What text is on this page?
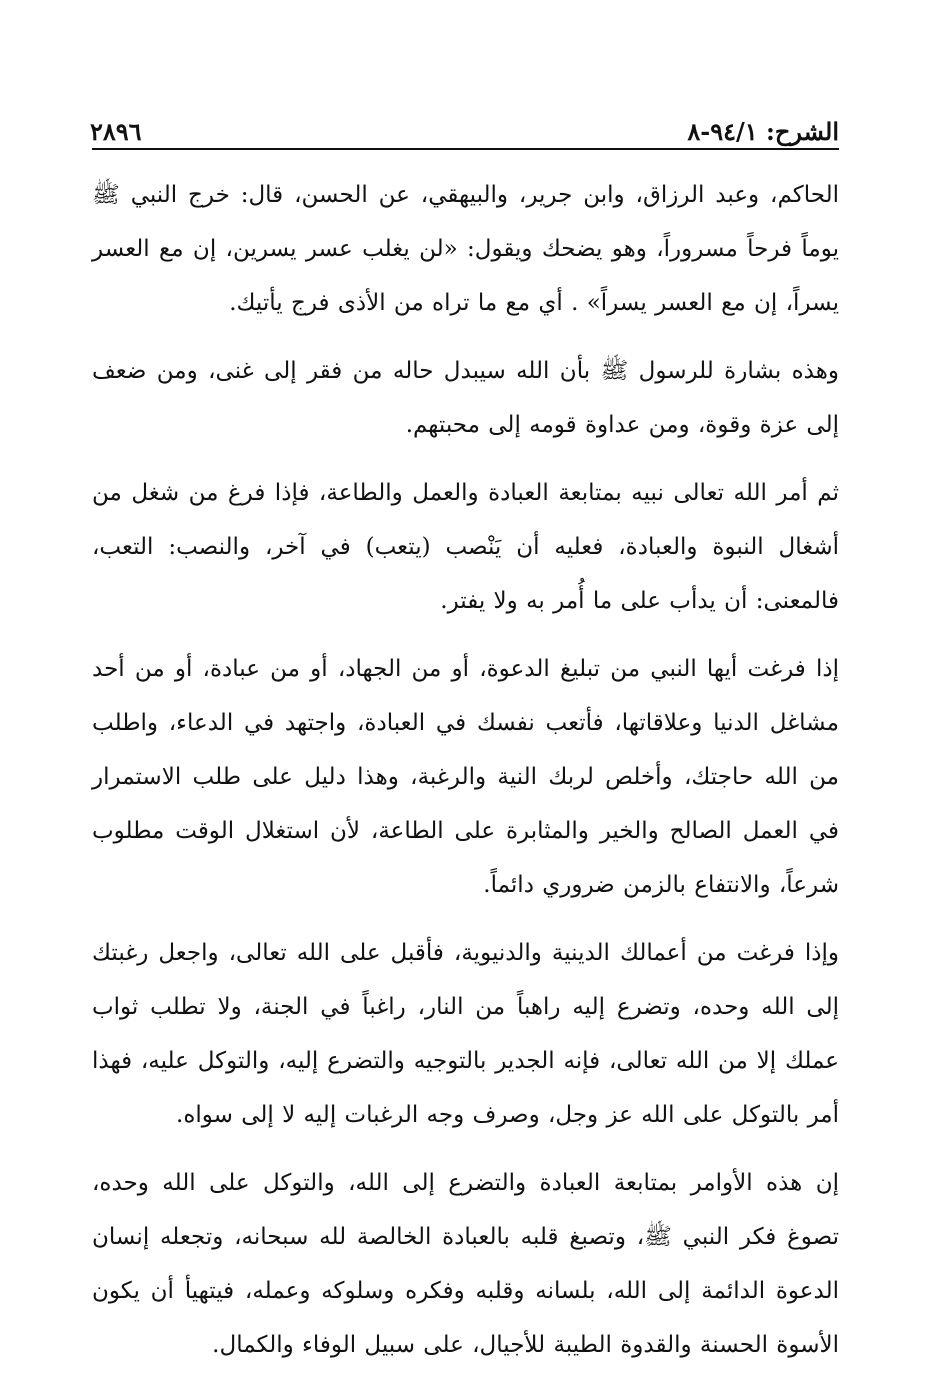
الشرح: ٩٤/١-٨
٢٨٩٦

الحاكم، وعبد الرزاق، وابن جرير، والبيهقي، عن الحسن، قال: خرج النبي ﷺ يوماً فرحاً مسروراً، وهو يضحك ويقول: «لن يغلب عسر يسرين، إن مع العسر يسراً، إن مع العسر يسراً» . أي مع ما تراه من الأذى فرج يأتيك.

وهذه بشارة للرسول ﷺ بأن الله سيبدل حاله من فقر إلى غنى، ومن ضعف إلى عزة وقوة، ومن عداوة قومه إلى محبتهم.

ثم أمر الله تعالى نبيه بمتابعة العبادة والعمل والطاعة، فإذا فرغ من شغل من أشغال النبوة والعبادة، فعليه أن يَنْصب (يتعب) في آخر، والنصب: التعب، فالمعنى: أن يدأب على ما أُمر به ولا يفتر.

إذا فرغت أيها النبي من تبليغ الدعوة، أو من الجهاد، أو من عبادة، أو من أحد مشاغل الدنيا وعلاقاتها، فأتعب نفسك في العبادة، واجتهد في الدعاء، واطلب من الله حاجتك، وأخلص لربك النية والرغبة، وهذا دليل على طلب الاستمرار في العمل الصالح والخير والمثابرة على الطاعة، لأن استغلال الوقت مطلوب شرعاً، والانتفاع بالزمن ضروري دائماً.

وإذا فرغت من أعمالك الدينية والدنيوية، فأقبل على الله تعالى، واجعل رغبتك إلى الله وحده، وتضرع إليه راهباً من النار، راغباً في الجنة، ولا تطلب ثواب عملك إلا من الله تعالى، فإنه الجدير بالتوجيه والتضرع إليه، والتوكل عليه، فهذا أمر بالتوكل على الله عز وجل، وصرف وجه الرغبات إليه لا إلى سواه.

إن هذه الأوامر بمتابعة العبادة والتضرع إلى الله، والتوكل على الله وحده، تصوغ فكر النبي ﷺ، وتصبغ قلبه بالعبادة الخالصة لله سبحانه، وتجعله إنسان الدعوة الدائمة إلى الله، بلسانه وقلبه وفكره وسلوكه وعمله، فيتهيأ أن يكون الأسوة الحسنة والقدوة الطيبة للأجيال، على سبيل الوفاء والكمال.
